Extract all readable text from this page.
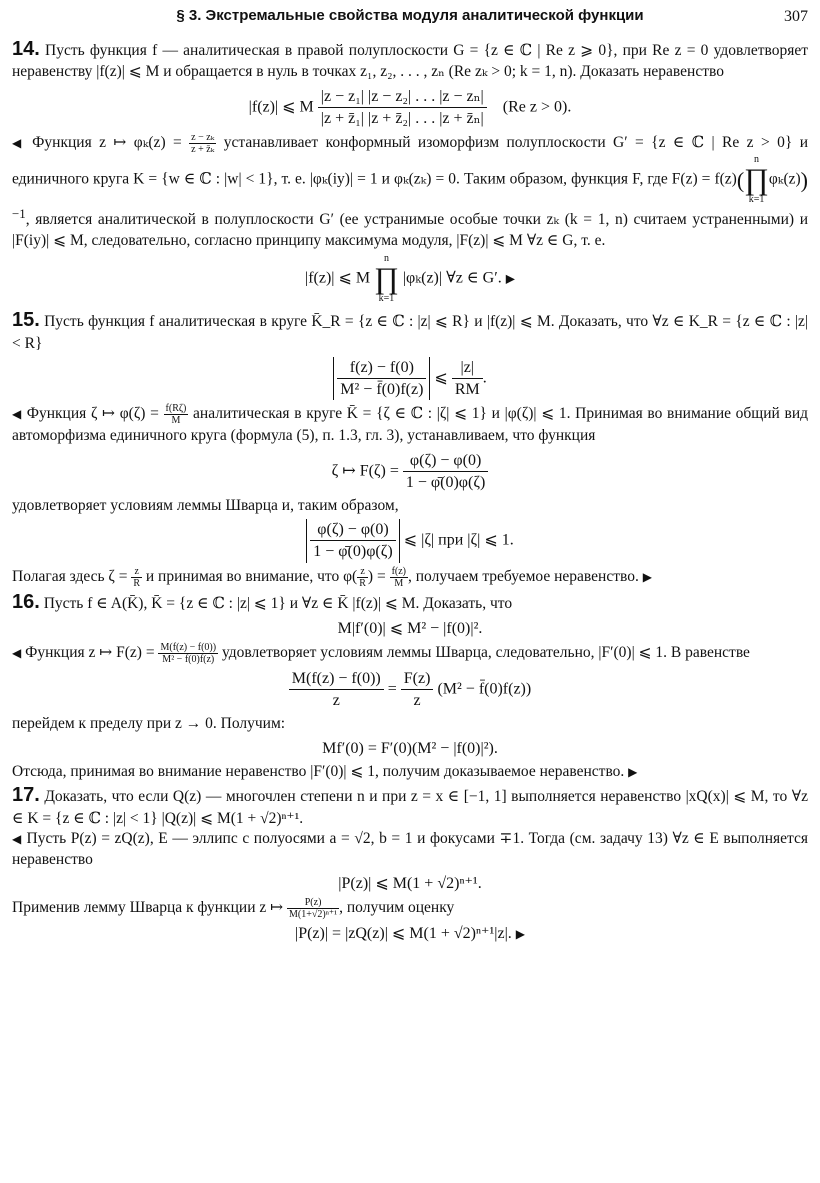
§ 3. Экстремальные свойства модуля аналитической функции	307

14. Пусть функция f — аналитическая в правой полуплоскости G = {z ∈ ℂ | Re z ⩾ 0}, при Re z = 0 удовлетворяет неравенству |f(z)| ⩽ M и обращается в нуль в точках z₁, z₂, . . . , zₙ (Re zₖ > 0; k = 1, n). Доказать неравенство

|f(z)| ⩽ M $\frac{\text{|z − z₁| |z − z₂| . . . |z − zₙ|}}{\text{|z + z̄₁| |z + z̄₂| . . . |z + z̄ₙ|}} (Re$ z > 0).

◀ Функция z ↦ $\varphi_k(z) = \frac{\text{z − zₖ}}{\text{z + z̄ₖ}}$ устанавливает конформный изоморфизм полуплоскости G′ = {z ∈ ℂ | Re z > 0} и единичного круга K = {w ∈ ℂ : |w| < 1}, т. е. |φₖ(iy)| = 1 и φₖ(zₖ) = 0. Таким образом, функция F, где F(z) = f(z)(
n
∏
k=1
φₖ(z))$^{-1}$, является аналитической в полуплоскости G′ (ее устранимые особые точки zₖ (k = 1, n) считаем устраненными) и |F(iy)| ⩽ M, следовательно, согласно принципу максимума модуля, |F(z)| ⩽ M ∀z ∈ G, т. е.

|f(z)| ⩽ M
n
∏
k=1
|φₖ(z)| ∀z ∈ G′. ▶

15. Пусть функция f аналитическая в круге K̄_R = {z ∈ ℂ : |z| ⩽ R} и |f(z)| ⩽ M. Доказать, что ∀z ∈ K_R = {z ∈ ℂ : |z| < R}

$\frac{f(z) - f(0)}{\text{M² − f̄(0)f(z)}}$ ⩽ $\frac{|z|}{RM}$ .

◀ Функция ζ ↦ $\varphi(\zeta) = \frac{f(R\zeta)}{M}$ аналитическая в круге K̄ = {ζ ∈ ℂ : |ζ| ⩽ 1} и |φ(ζ)| ⩽ 1. Принимая во внимание общий вид автоморфизма единичного круга (формула (5), п. 1.3, гл. 3), устанавливаем, что функция

ζ ↦ $F(\zeta) = \frac{\varphi(\zeta) - \varphi(0)}{1 - \varphī(0)\varphi(\zeta)}$

удовлетворяет условиям леммы Шварца и, таким образом,

$\frac{\varphi(\zeta) - \varphi(0)}{1 - \varphī(0)\varphi(\zeta)}$ ⩽ |ζ| при |ζ| ⩽ 1.

Полагая здесь $\zeta = \frac{z}{R}$ и принимая во внимание, что $\varphi( \frac{z}{R}$ ) = $\frac{f(z)}{M}$ , получаем требуемое неравенство. ▶

16. Пусть f ∈ A(K̄), K̄ = {z ∈ ℂ : |z| ⩽ 1} и ∀z ∈ K̄ |f(z)| ⩽ M. Доказать, что

M|f′(0)| ⩽ M² − |f(0)|².

◀ Функция z ↦ $F(z) = \frac{M(f(z) - f(0))}{\text{M² − f̄(0)f(z)}}$ удовлетворяет условиям леммы Шварца, следовательно, |F′(0)| ⩽ 1. В равенстве

$\frac{M(f(z) - f(0))}{z} = \frac{F(z)}{z} (M^2$ − f̄(0)f(z))

перейдем к пределу при z → 0. Получим:

Mf′(0) = F′(0)(M² − |f(0)|²).

Отсюда, принимая во внимание неравенство |F′(0)| ⩽ 1, получим доказываемое неравенство. ▶

17. Доказать, что если Q(z) — многочлен степени n и при z = x ∈ [−1, 1] выполняется неравенство |xQ(x)| ⩽ M, то ∀z ∈ K = {z ∈ ℂ : |z| < 1} |Q(z)| ⩽ M(1 + √2)ⁿ⁺¹.

◀ Пусть P(z) = zQ(z), E — эллипс с полуосями a = √2, b = 1 и фокусами ∓1. Тогда (см. задачу 13) ∀z ∈ E выполняется неравенство

|P(z)| ⩽ M(1 + √2)ⁿ⁺¹.

Применив лемму Шварца к функции z ↦ $\frac{P(z)}{\text{M(1+√2)ⁿ⁺¹}}$ , получим оценку

|P(z)| = |zQ(z)| ⩽ M(1 + √2)ⁿ⁺¹|z|. ▶
